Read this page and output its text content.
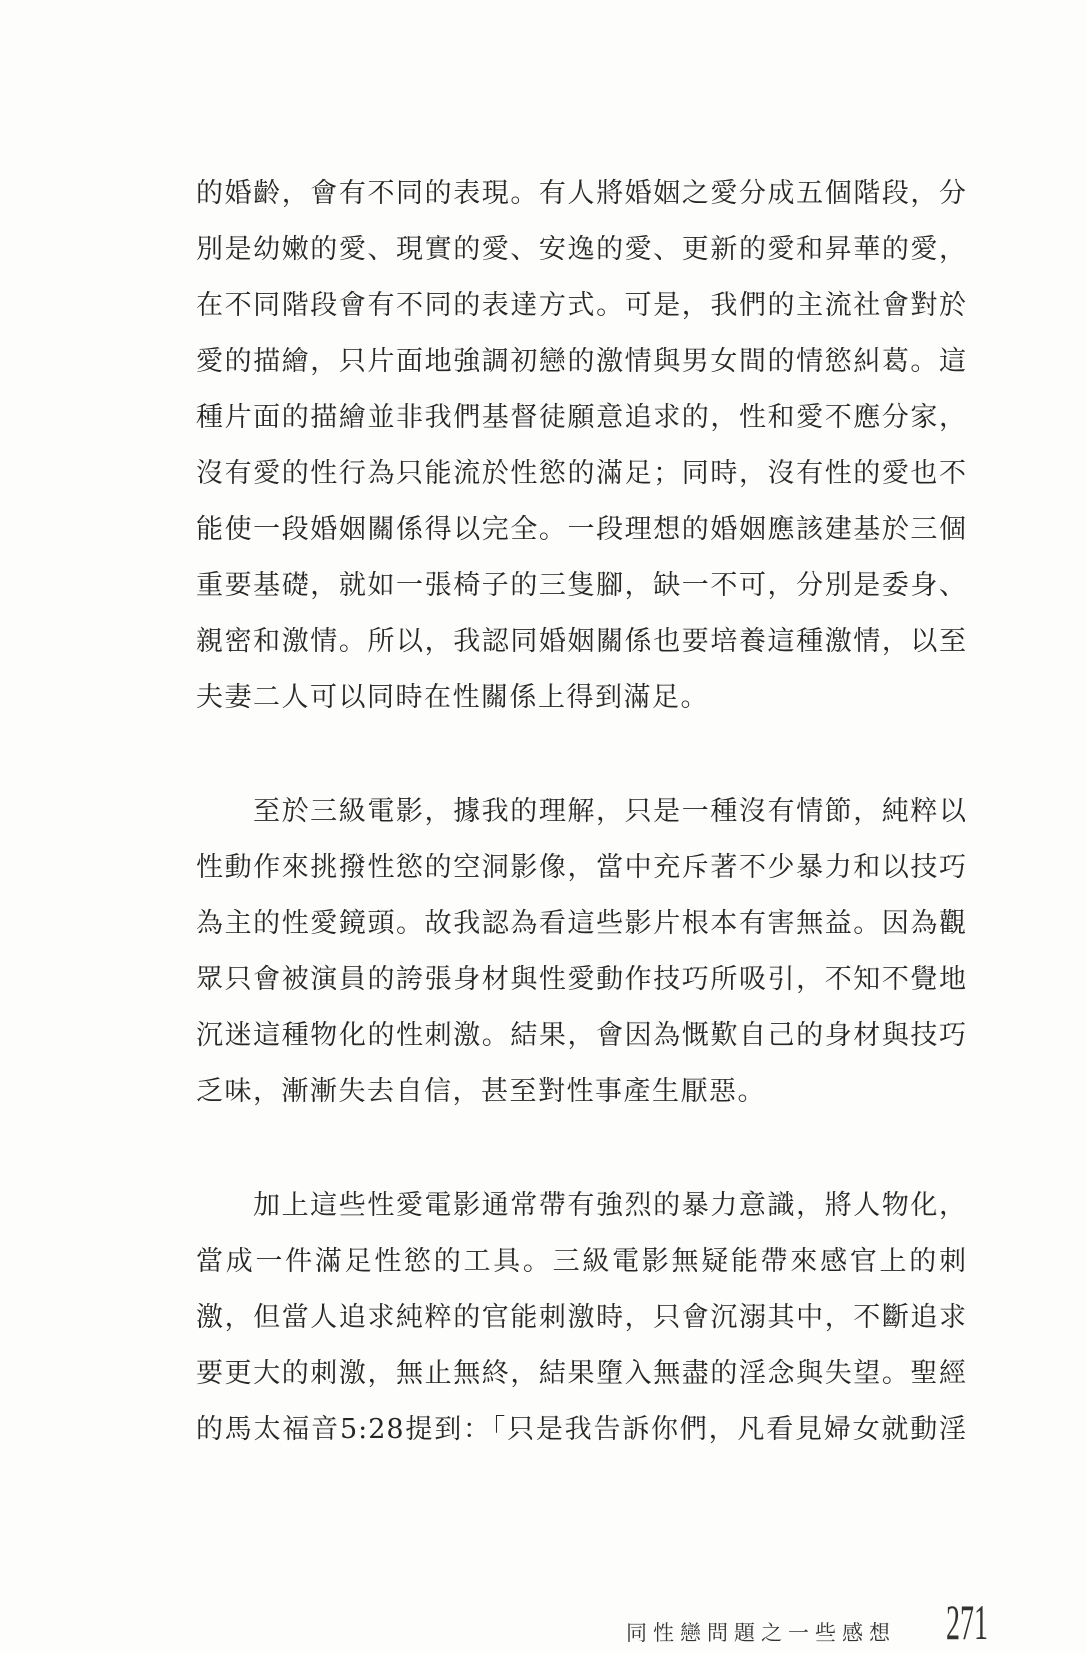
的婚齡，會有不同的表現。有人將婚姻之愛分成五個階段，分
別是幼嫩的愛、現實的愛、安逸的愛、更新的愛和昇華的愛，
在不同階段會有不同的表達方式。可是，我們的主流社會對於
愛的描繪，只片面地強調初戀的激情與男女間的情慾糾葛。這
種片面的描繪並非我們基督徒願意追求的，性和愛不應分家，
沒有愛的性行為只能流於性慾的滿足；同時，沒有性的愛也不
能使一段婚姻關係得以完全。一段理想的婚姻應該建基於三個
重要基礎，就如一張椅子的三隻腳，缺一不可，分別是委身、
親密和激情。所以，我認同婚姻關係也要培養這種激情，以至
夫妻二人可以同時在性關係上得到滿足。
至於三級電影，據我的理解，只是一種沒有情節，純粹以
性動作來挑撥性慾的空洞影像，當中充斥著不少暴力和以技巧
為主的性愛鏡頭。故我認為看這些影片根本有害無益。因為觀
眾只會被演員的誇張身材與性愛動作技巧所吸引，不知不覺地
沉迷這種物化的性刺激。結果，會因為慨歎自己的身材與技巧
乏味，漸漸失去自信，甚至對性事產生厭惡。
加上這些性愛電影通常帶有強烈的暴力意識，將人物化，
當成一件滿足性慾的工具。三級電影無疑能帶來感官上的刺
激，但當人追求純粹的官能刺激時，只會沉溺其中，不斷追求
要更大的刺激，無止無終，結果墮入無盡的淫念與失望。聖經
的馬太福音5:28提到：「只是我告訴你們，凡看見婦女就動淫
同性戀問題之一些感想 271
